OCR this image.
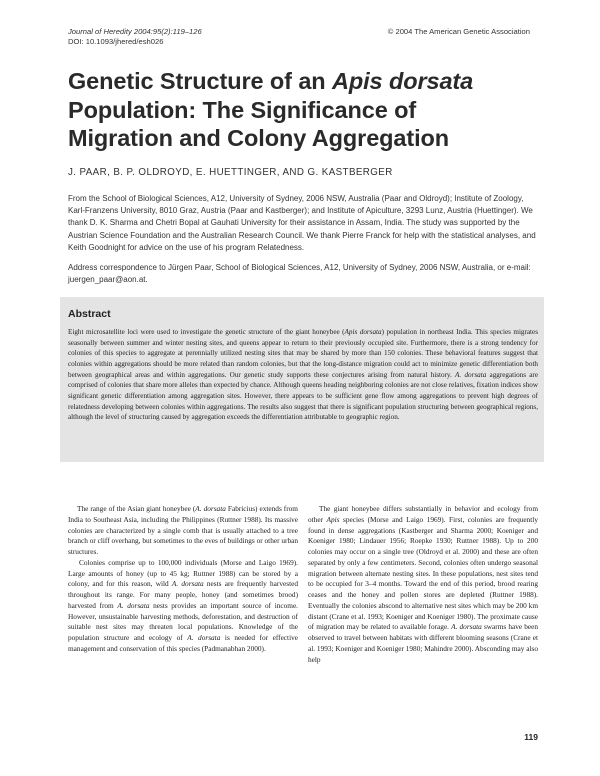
Journal of Heredity 2004:95(2):119–126
DOI: 10.1093/jhered/esh026
© 2004 The American Genetic Association
Genetic Structure of an Apis dorsata
Population: The Significance of
Migration and Colony Aggregation
J. PAAR, B. P. OLDROYD, E. HUETTINGER, AND G. KASTBERGER

From the School of Biological Sciences, A12, University of Sydney, 2006 NSW, Australia (Paar and Oldroyd); Institute of Zoology, Karl-Franzens University, 8010 Graz, Austria (Paar and Kastberger); and Institute of Apiculture, 3293 Lunz, Austria (Huettinger). We thank D. K. Sharma and Chetri Bopal at Gauhati University for their assistance in Assam, India. The study was supported by the Austrian Science Foundation and the Australian Research Council. We thank Pierre Franck for help with the statistical analyses, and Keith Goodnight for advice on the use of his program Relatedness.

Address correspondence to Jürgen Paar, School of Biological Sciences, A12, University of Sydney, 2006 NSW, Australia, or e-mail: juergen_paar@aon.at.

Abstract

Eight microsatellite loci were used to investigate the genetic structure of the giant honeybee (Apis dorsata) population in northeast India. This species migrates seasonally between summer and winter nesting sites, and queens appear to return to their previously occupied site. Furthermore, there is a strong tendency for colonies of this species to aggregate at perennially utilized nesting sites that may be shared by more than 150 colonies. These behavioral features suggest that colonies within aggregations should be more related than random colonies, but that the long-distance migration could act to minimize genetic differentiation both between geographical areas and within aggregations. Our genetic study supports these conjectures arising from natural history. A. dorsata aggregations are comprised of colonies that share more alleles than expected by chance. Although queens heading neighboring colonies are not close relatives, fixation indices show significant genetic differentiation among aggregation sites. However, there appears to be sufficient gene flow among aggregations to prevent high degrees of relatedness developing between colonies within aggregations. The results also suggest that there is significant population structuring between geographical regions, although the level of structuring caused by aggregation exceeds the differentiation attributable to geographic region.

The range of the Asian giant honeybee (A. dorsata Fabricius) extends from India to Southeast Asia, including the Philippines (Ruttner 1988). Its massive colonies are characterized by a single comb that is usually attached to a tree branch or cliff overhang, but sometimes to the eves of buildings or other urban structures.

Colonies comprise up to 100,000 individuals (Morse and Laigo 1969). Large amounts of honey (up to 45 kg; Ruttner 1988) can be stored by a colony, and for this reason, wild A. dorsata nests are frequently harvested throughout its range. For many people, honey (and sometimes brood) harvested from A. dorsata nests provides an important source of income. However, unsustainable harvesting methods, deforestation, and destruction of suitable nest sites may threaten local populations. Knowledge of the population structure and ecology of A. dorsata is needed for effective management and conservation of this species (Padmanabhan 2000).

The giant honeybee differs substantially in behavior and ecology from other Apis species (Morse and Laigo 1969). First, colonies are frequently found in dense aggregations (Kastberger and Sharma 2000; Koeniger and Koeniger 1980; Lindauer 1956; Roepke 1930; Ruttner 1988). Up to 200 colonies may occur on a single tree (Oldroyd et al. 2000) and these are often separated by only a few centimeters. Second, colonies often undergo seasonal migration between alternate nesting sites. In these populations, nest sites tend to be occupied for 3–4 months. Toward the end of this period, brood rearing ceases and the honey and pollen stores are depleted (Ruttner 1988). Eventually the colonies abscond to alternative nest sites which may be 200 km distant (Crane et al. 1993; Koeniger and Koeniger 1980). The proximate cause of migration may be related to available forage. A. dorsata swarms have been observed to travel between habitats with different blooming seasons (Crane et al. 1993; Koeniger and Koeniger 1980; Mahindre 2000). Absconding may also help

119
